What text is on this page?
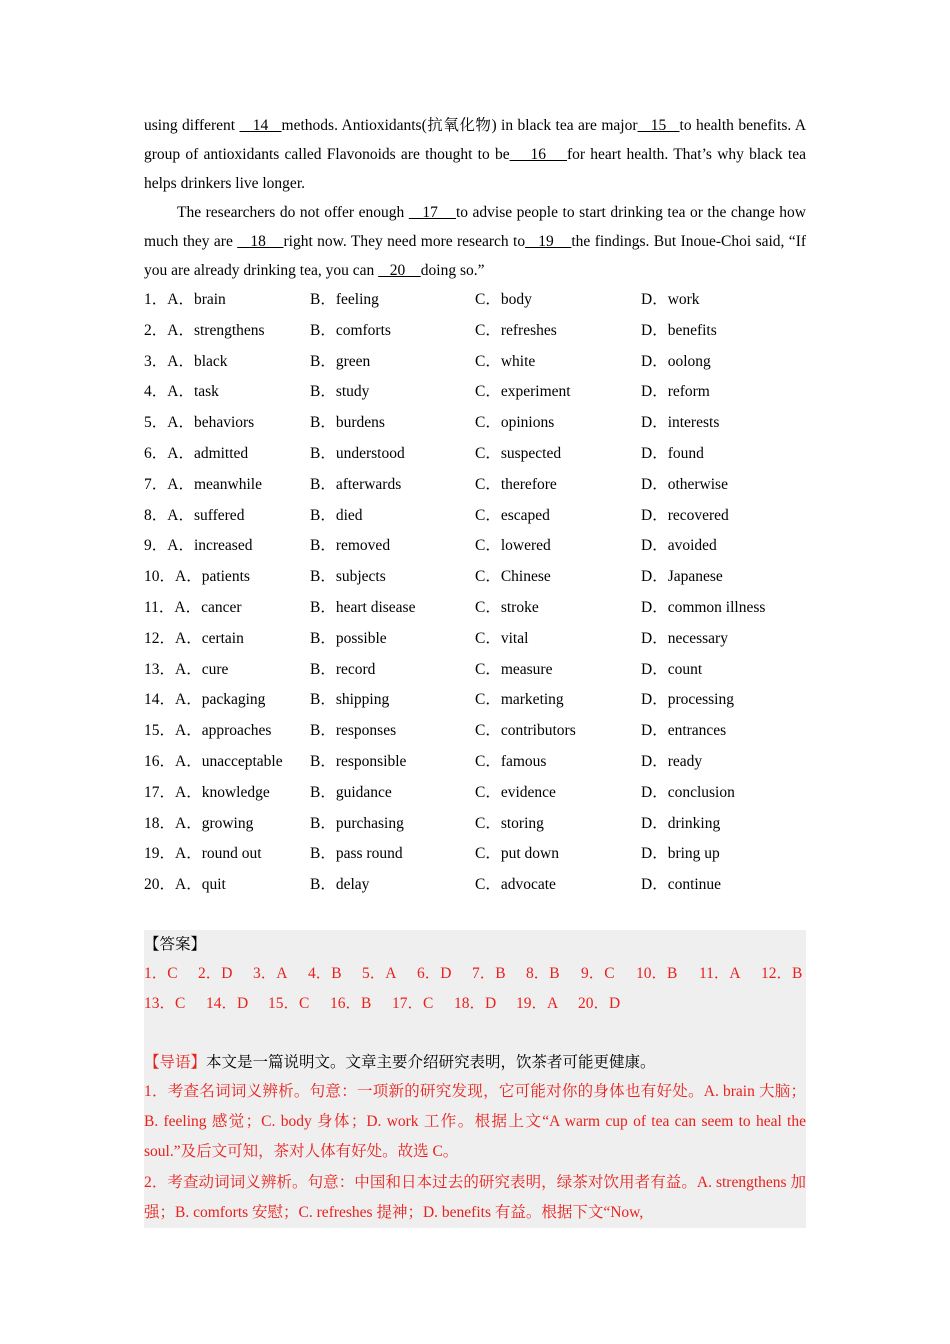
using different    14   methods. Antioxidants(抗氧化物) in black tea are major   15   to health benefits. A group of antioxidants called Flavonoids are thought to be    16    for heart health. That’s why black tea helps drinkers live longer.

The researchers do not offer enough    17    to advise people to start drinking tea or the change how much they are    18    right now. They need more research to   19    the findings. But Inoue-Choi said, “If you are already drinking tea, you can    20    doing so.”

1．A．brain	B．feeling	C．body	D．work
2．A．strengthens	B．comforts	C．refreshes	D．benefits
3．A．black	B．green	C．white	D．oolong
4．A．task	B．study	C．experiment	D．reform
5．A．behaviors	B．burdens	C．opinions	D．interests
6．A．admitted	B．understood	C．suspected	D．found
7．A．meanwhile	B．afterwards	C．therefore	D．otherwise
8．A．suffered	B．died	C．escaped	D．recovered
9．A．increased	B．removed	C．lowered	D．avoided
10．A．patients	B．subjects	C．Chinese	D．Japanese
11．A．cancer	B．heart disease	C．stroke	D．common illness
12．A．certain	B．possible	C．vital	D．necessary
13．A．cure	B．record	C．measure	D．count
14．A．packaging	B．shipping	C．marketing	D．processing
15．A．approaches B．responses	C．contributors	D．entrances
16．A．unacceptable B．responsible	C．famous	D．ready
17．A．knowledge	B．guidance	C．evidence	D．conclusion
18．A．growing	B．purchasing	C．storing	D．drinking
19．A．round out	B．pass round	C．put down	D．bring up
20．A．quit	B．delay	C．advocate	D．continue
【答案】
1．C 2．D 3．A 4．B 5．A 6．D 7．B 8．B 9．C 10．B 11．A 12．B
13．C 14．D 15．C 16．B 17．C 18．D 19．A 20．D
【导语】本文是一篇说明文。文章主要介绍研究表明，饮茶者可能更健康。
1．考查名词词义辨析。句意：一项新的研究发现，它可能对你的身体也有好处。A. brain 大脑；B. feeling 感觉；C. body 身体；D. work 工作。根据上文“A warm cup of tea can seem to heal the soul.”及后文可知，茶对人体有好处。故选 C。
2．考查动词词义辨析。句意：中国和日本过去的研究表明，绿茶对饮用者有益。A. strengthens 加强；B. comforts 安慰；C. refreshes 提神；D. benefits 有益。根据下文“Now,
